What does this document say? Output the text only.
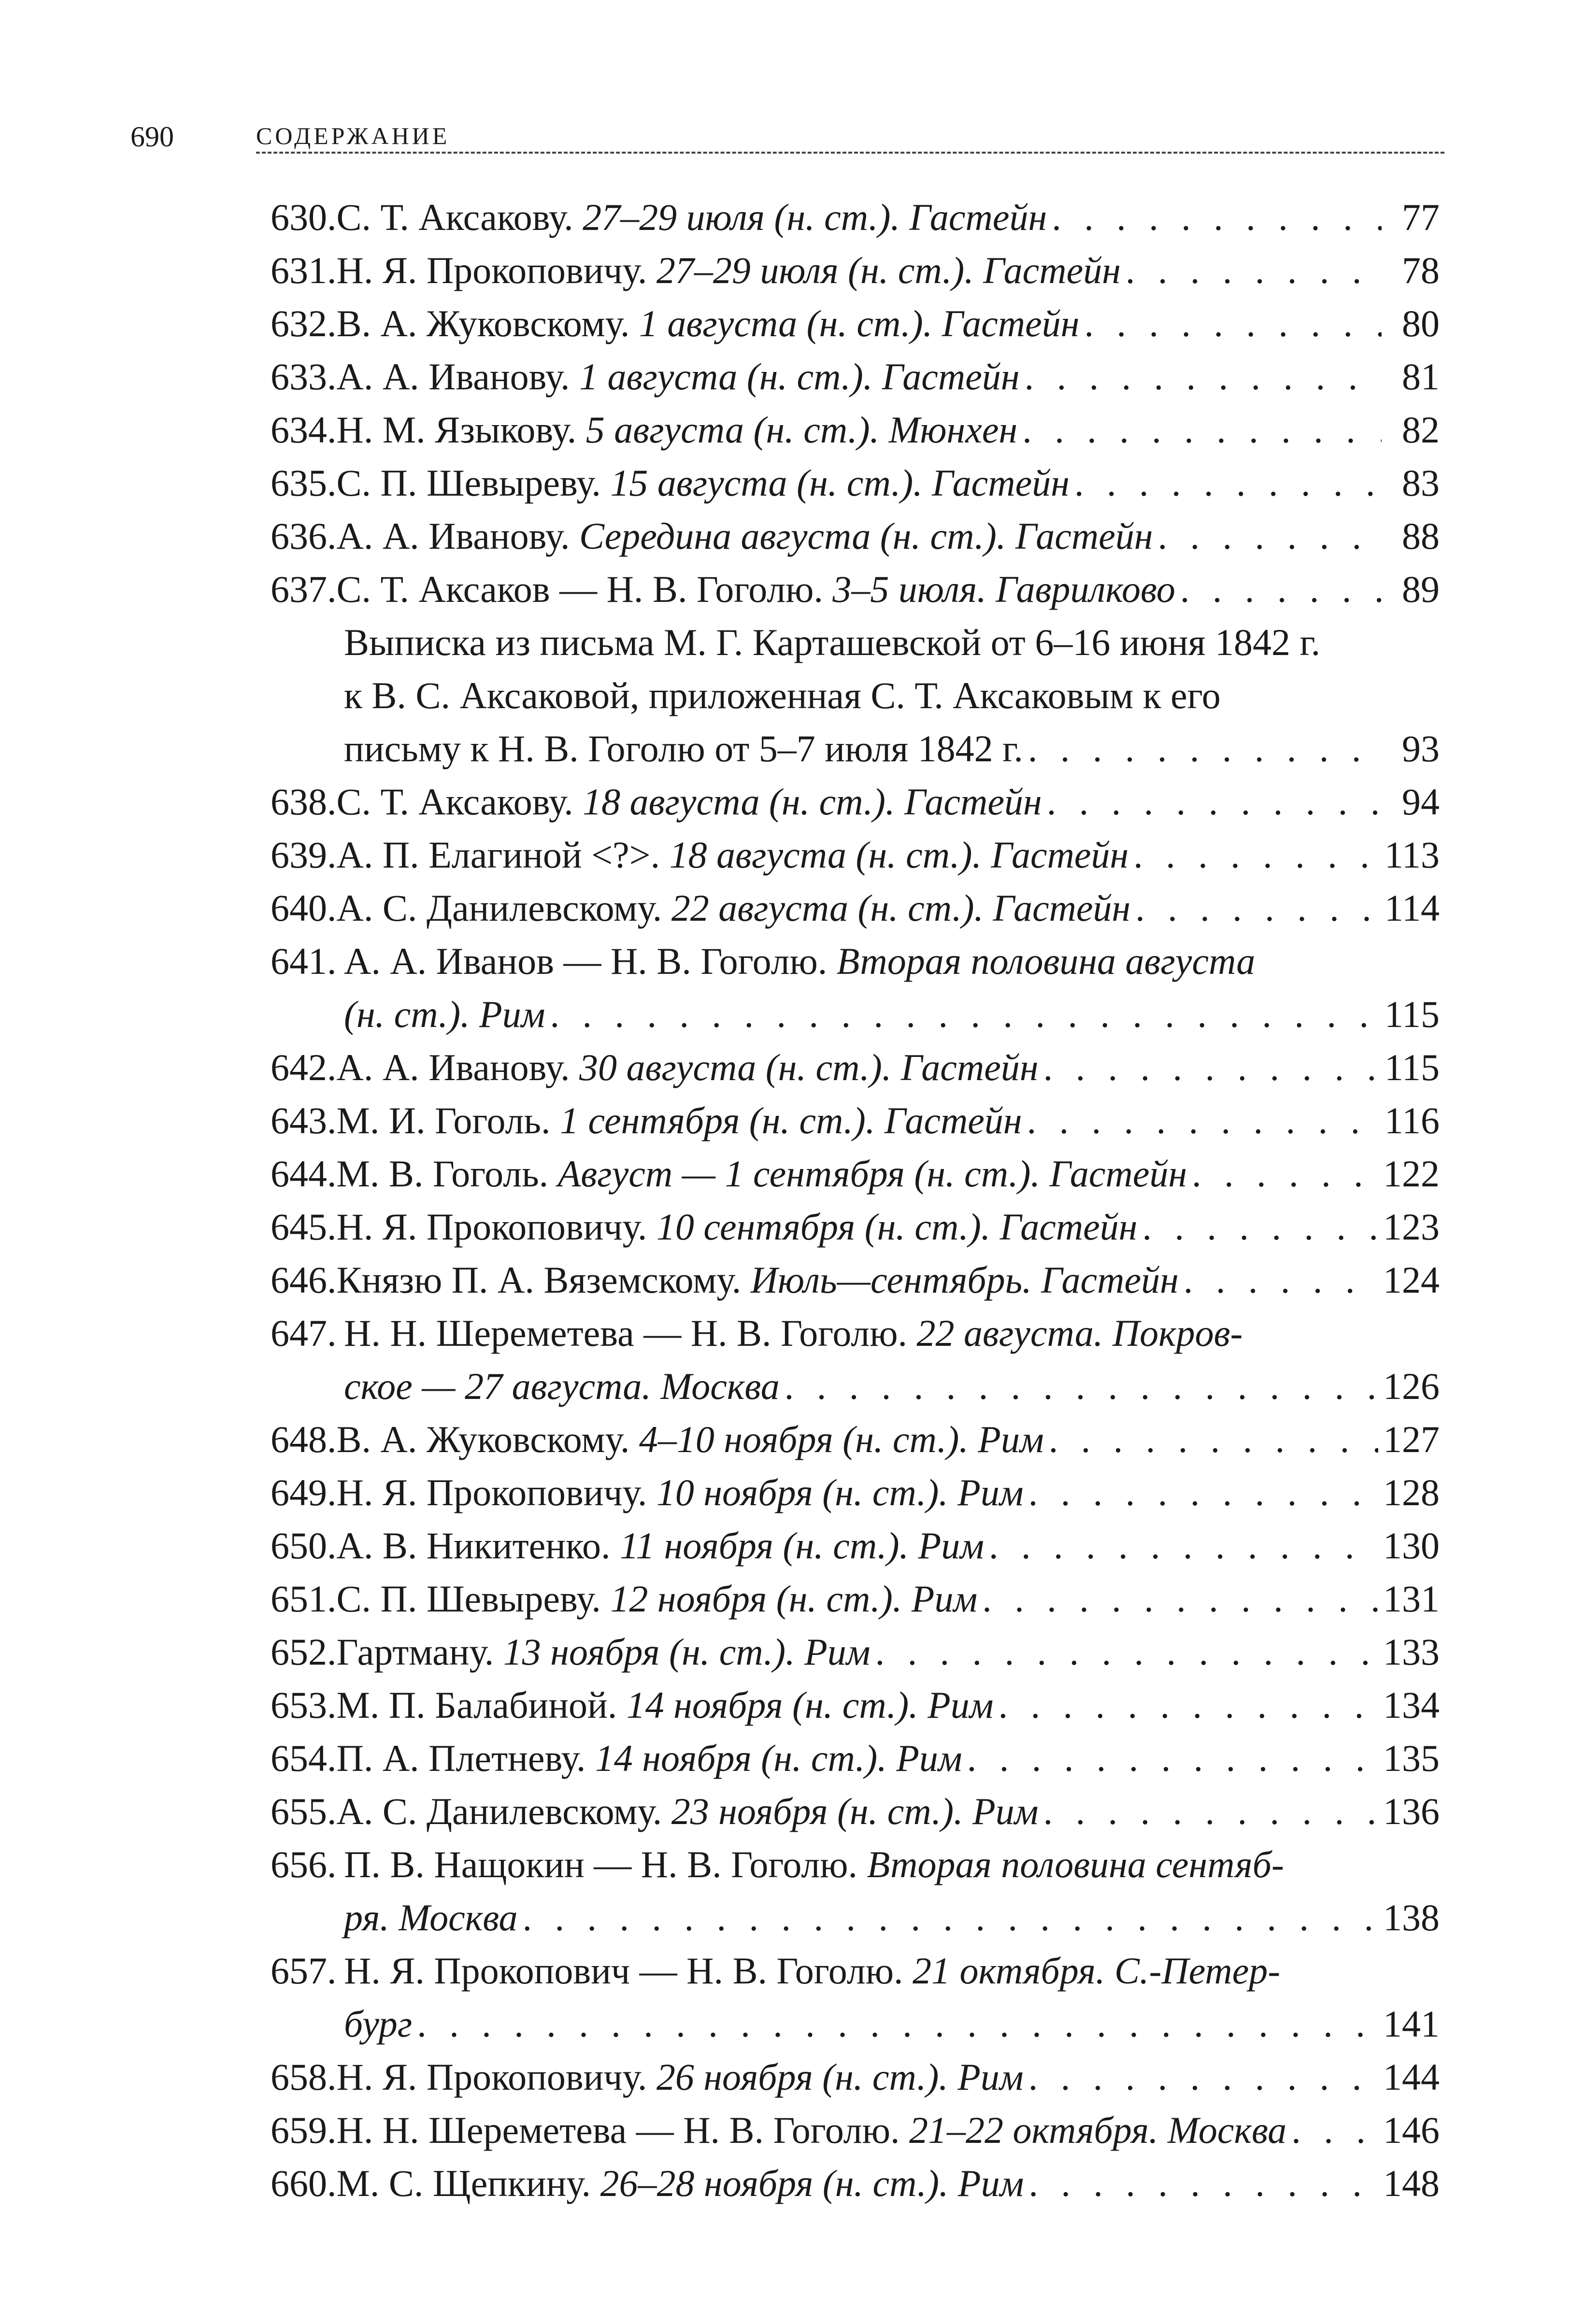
690	СОДЕРЖАНИЕ
630. С. Т. Аксакову. 27–29 июля (н. ст.). Гастейн . . .	77
631. Н. Я. Прокоповичу. 27–29 июля (н. ст.). Гастейн . . .	78
632. В. А. Жуковскому. 1 августа (н. ст.). Гастейн . . .	80
633. А. А. Иванову. 1 августа (н. ст.). Гастейн . . .	81
634. Н. М. Языкову. 5 августа (н. ст.). Мюнхен . . .	82
635. С. П. Шевыреву. 15 августа (н. ст.). Гастейн . . .	83
636. А. А. Иванову. Середина августа (н. ст.). Гастейн . . .	88
637. С. Т. Аксаков — Н. В. Гоголю. 3–5 июля. Гаврилково . . .	89
Выписка из письма М. Г. Карташевской от 6–16 июня 1842 г.
к В. С. Аксаковой, приложенная С. Т. Аксаковым к его
письму к Н. В. Гоголю от 5–7 июля 1842 г. . . .	93
638. С. Т. Аксакову. 18 августа (н. ст.). Гастейн . . .	94
639. А. П. Елагиной <?>. 18 августа (н. ст.). Гастейн . . .	113
640. А. С. Данилевскому. 22 августа (н. ст.). Гастейн . . .	114
641. А. А. Иванов — Н. В. Гоголю. Вторая половина августа
(н. ст.). Рим . . .	115
642. А. А. Иванову. 30 августа (н. ст.). Гастейн . . .	115
643. М. И. Гоголь. 1 сентября (н. ст.). Гастейн . . .	116
644. М. В. Гоголь. Август — 1 сентября (н. ст.). Гастейн . . .	122
645. Н. Я. Прокоповичу. 10 сентября (н. ст.). Гастейн . . .	123
646. Князю П. А. Вяземскому. Июль—сентябрь. Гастейн . . .	124
647. Н. Н. Шереметева — Н. В. Гоголю. 22 августа. Покров-
ское — 27 августа. Москва . . .	126
648. В. А. Жуковскому. 4–10 ноября (н. ст.). Рим . . .	127
649. Н. Я. Прокоповичу. 10 ноября (н. ст.). Рим . . .	128
650. А. В. Никитенко. 11 ноября (н. ст.). Рим . . .	130
651. С. П. Шевыреву. 12 ноября (н. ст.). Рим . . .	131
652. Гартману. 13 ноября (н. ст.). Рим . . .	133
653. М. П. Балабиной. 14 ноября (н. ст.). Рим . . .	134
654. П. А. Плетневу. 14 ноября (н. ст.). Рим . . .	135
655. А. С. Данилевскому. 23 ноября (н. ст.). Рим . . .	136
656. П. В. Нащокин — Н. В. Гоголю. Вторая половина сентяб-
ря. Москва . . .	138
657. Н. Я. Прокопович — Н. В. Гоголю. 21 октября. С.-Петер-
бург . . .	141
658. Н. Я. Прокоповичу. 26 ноября (н. ст.). Рим . . .	144
659. Н. Н. Шереметева — Н. В. Гоголю. 21–22 октября. Москва . . .	146
660. М. С. Щепкину. 26–28 ноября (н. ст.). Рим . . .	148
